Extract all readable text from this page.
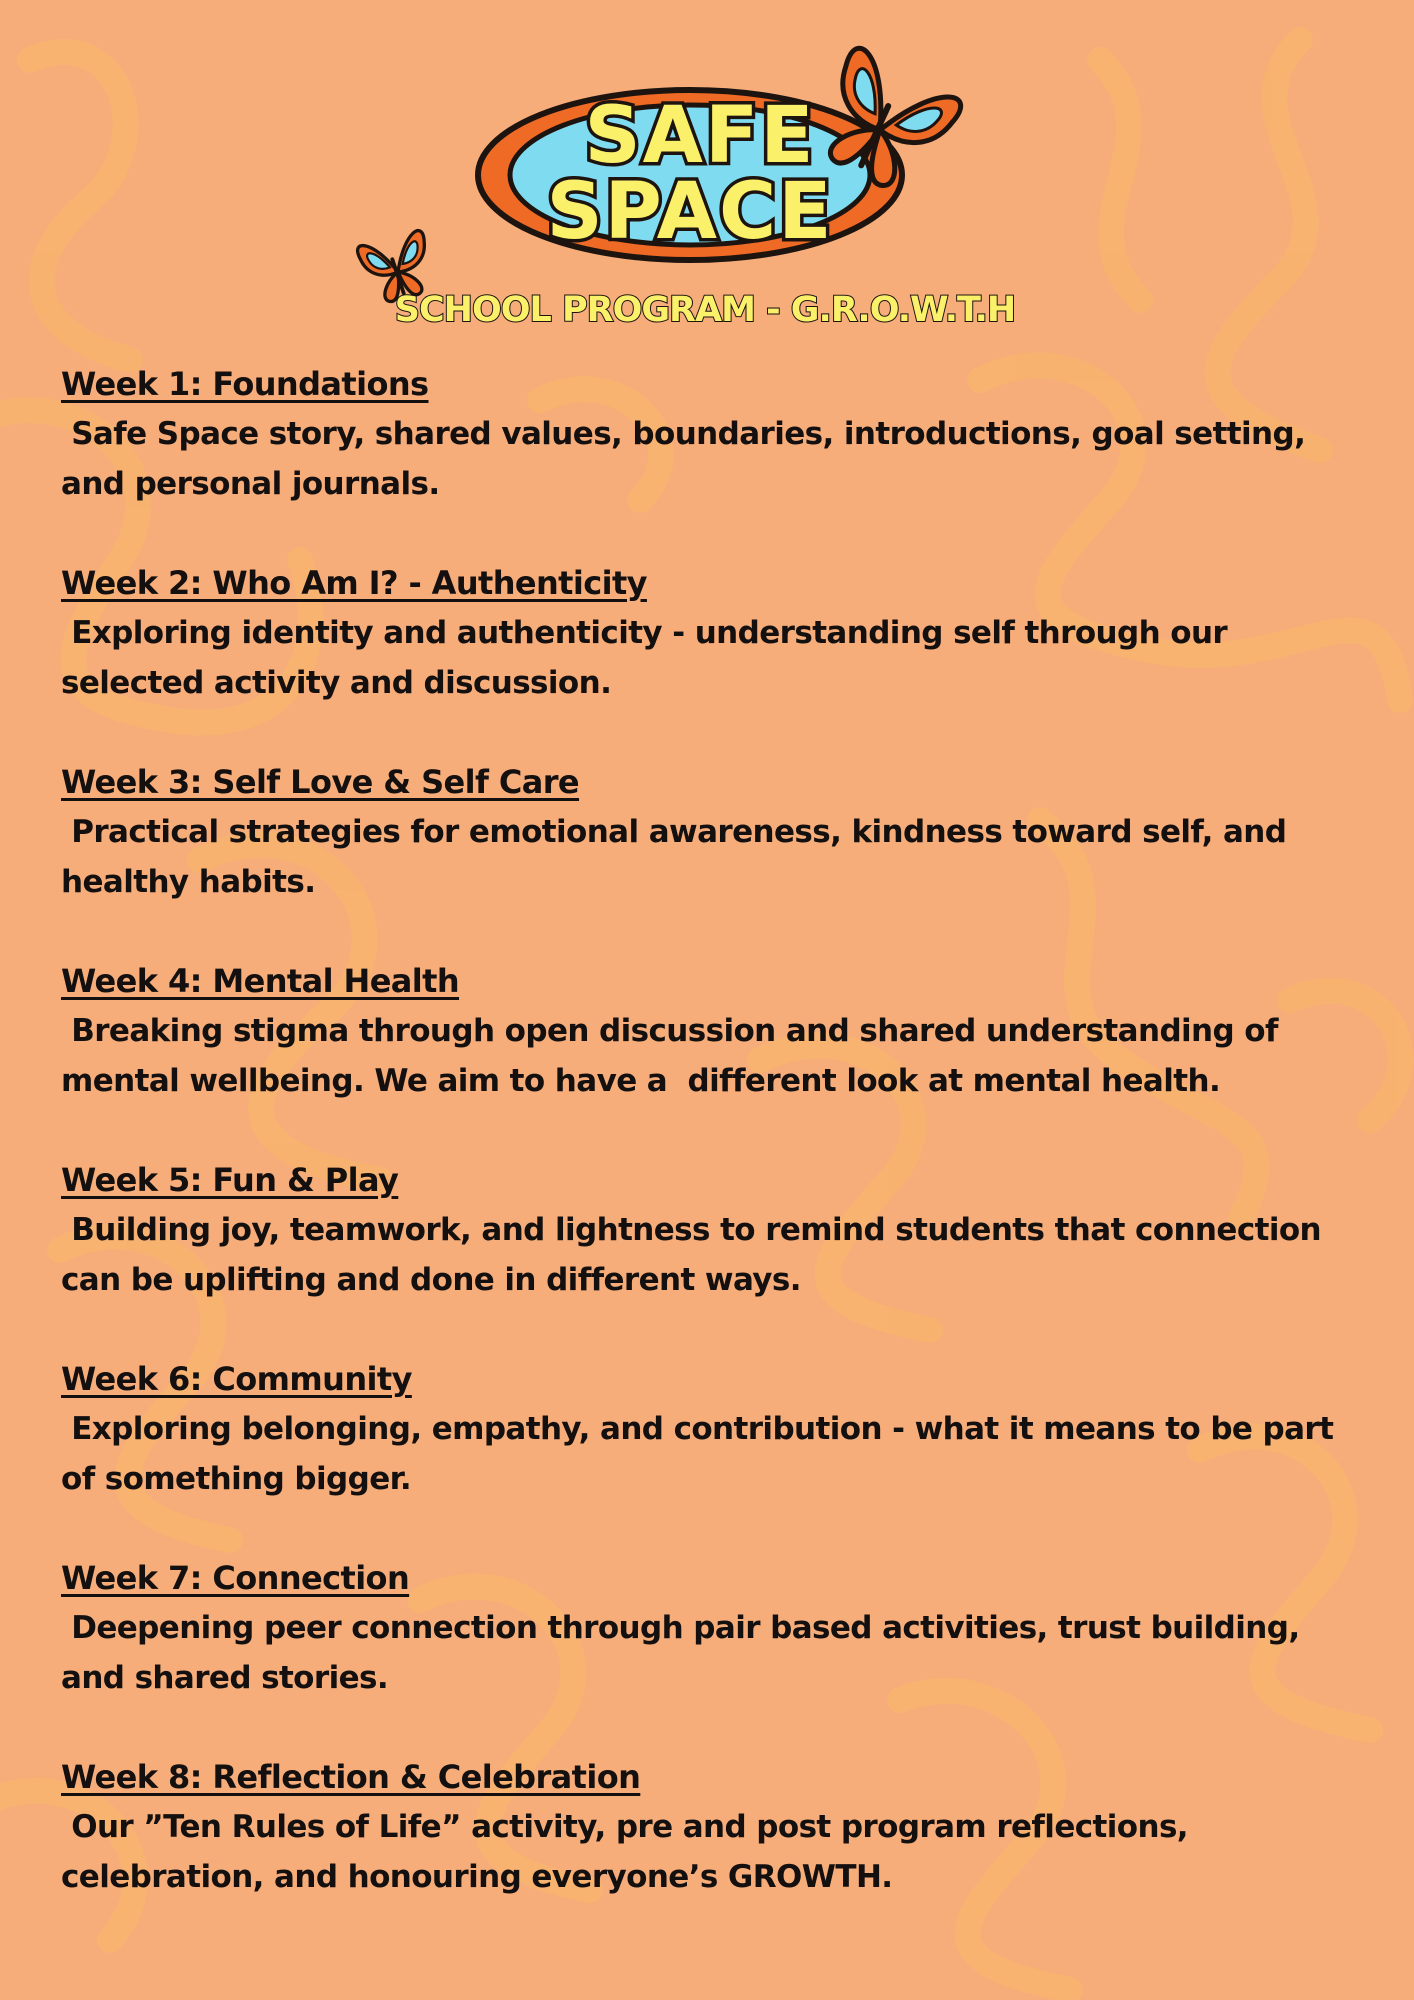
SAFE
SPACE
SCHOOL PROGRAM - G.R.O.W.T.H
Week 1: Foundations

Safe Space story, shared values, boundaries, introductions, goal setting, and personal journals.

Week 2: Who Am I? - Authenticity

Exploring identity and authenticity - understanding self through our selected activity and discussion.

Week 3: Self Love & Self Care

Practical strategies for emotional awareness, kindness toward self, and healthy habits.

Week 4: Mental Health

Breaking stigma through open discussion and shared understanding of mental wellbeing. We aim to have a  different look at mental health.

Week 5: Fun & Play

Building joy, teamwork, and lightness to remind students that connection can be uplifting and done in different ways.

Week 6: Community

Exploring belonging, empathy, and contribution - what it means to be part of something bigger.

Week 7: Connection

Deepening peer connection through pair based activities, trust building, and shared stories.

Week 8: Reflection & Celebration

Our ”Ten Rules of Life” activity, pre and post program reflections, celebration, and honouring everyone’s GROWTH.
